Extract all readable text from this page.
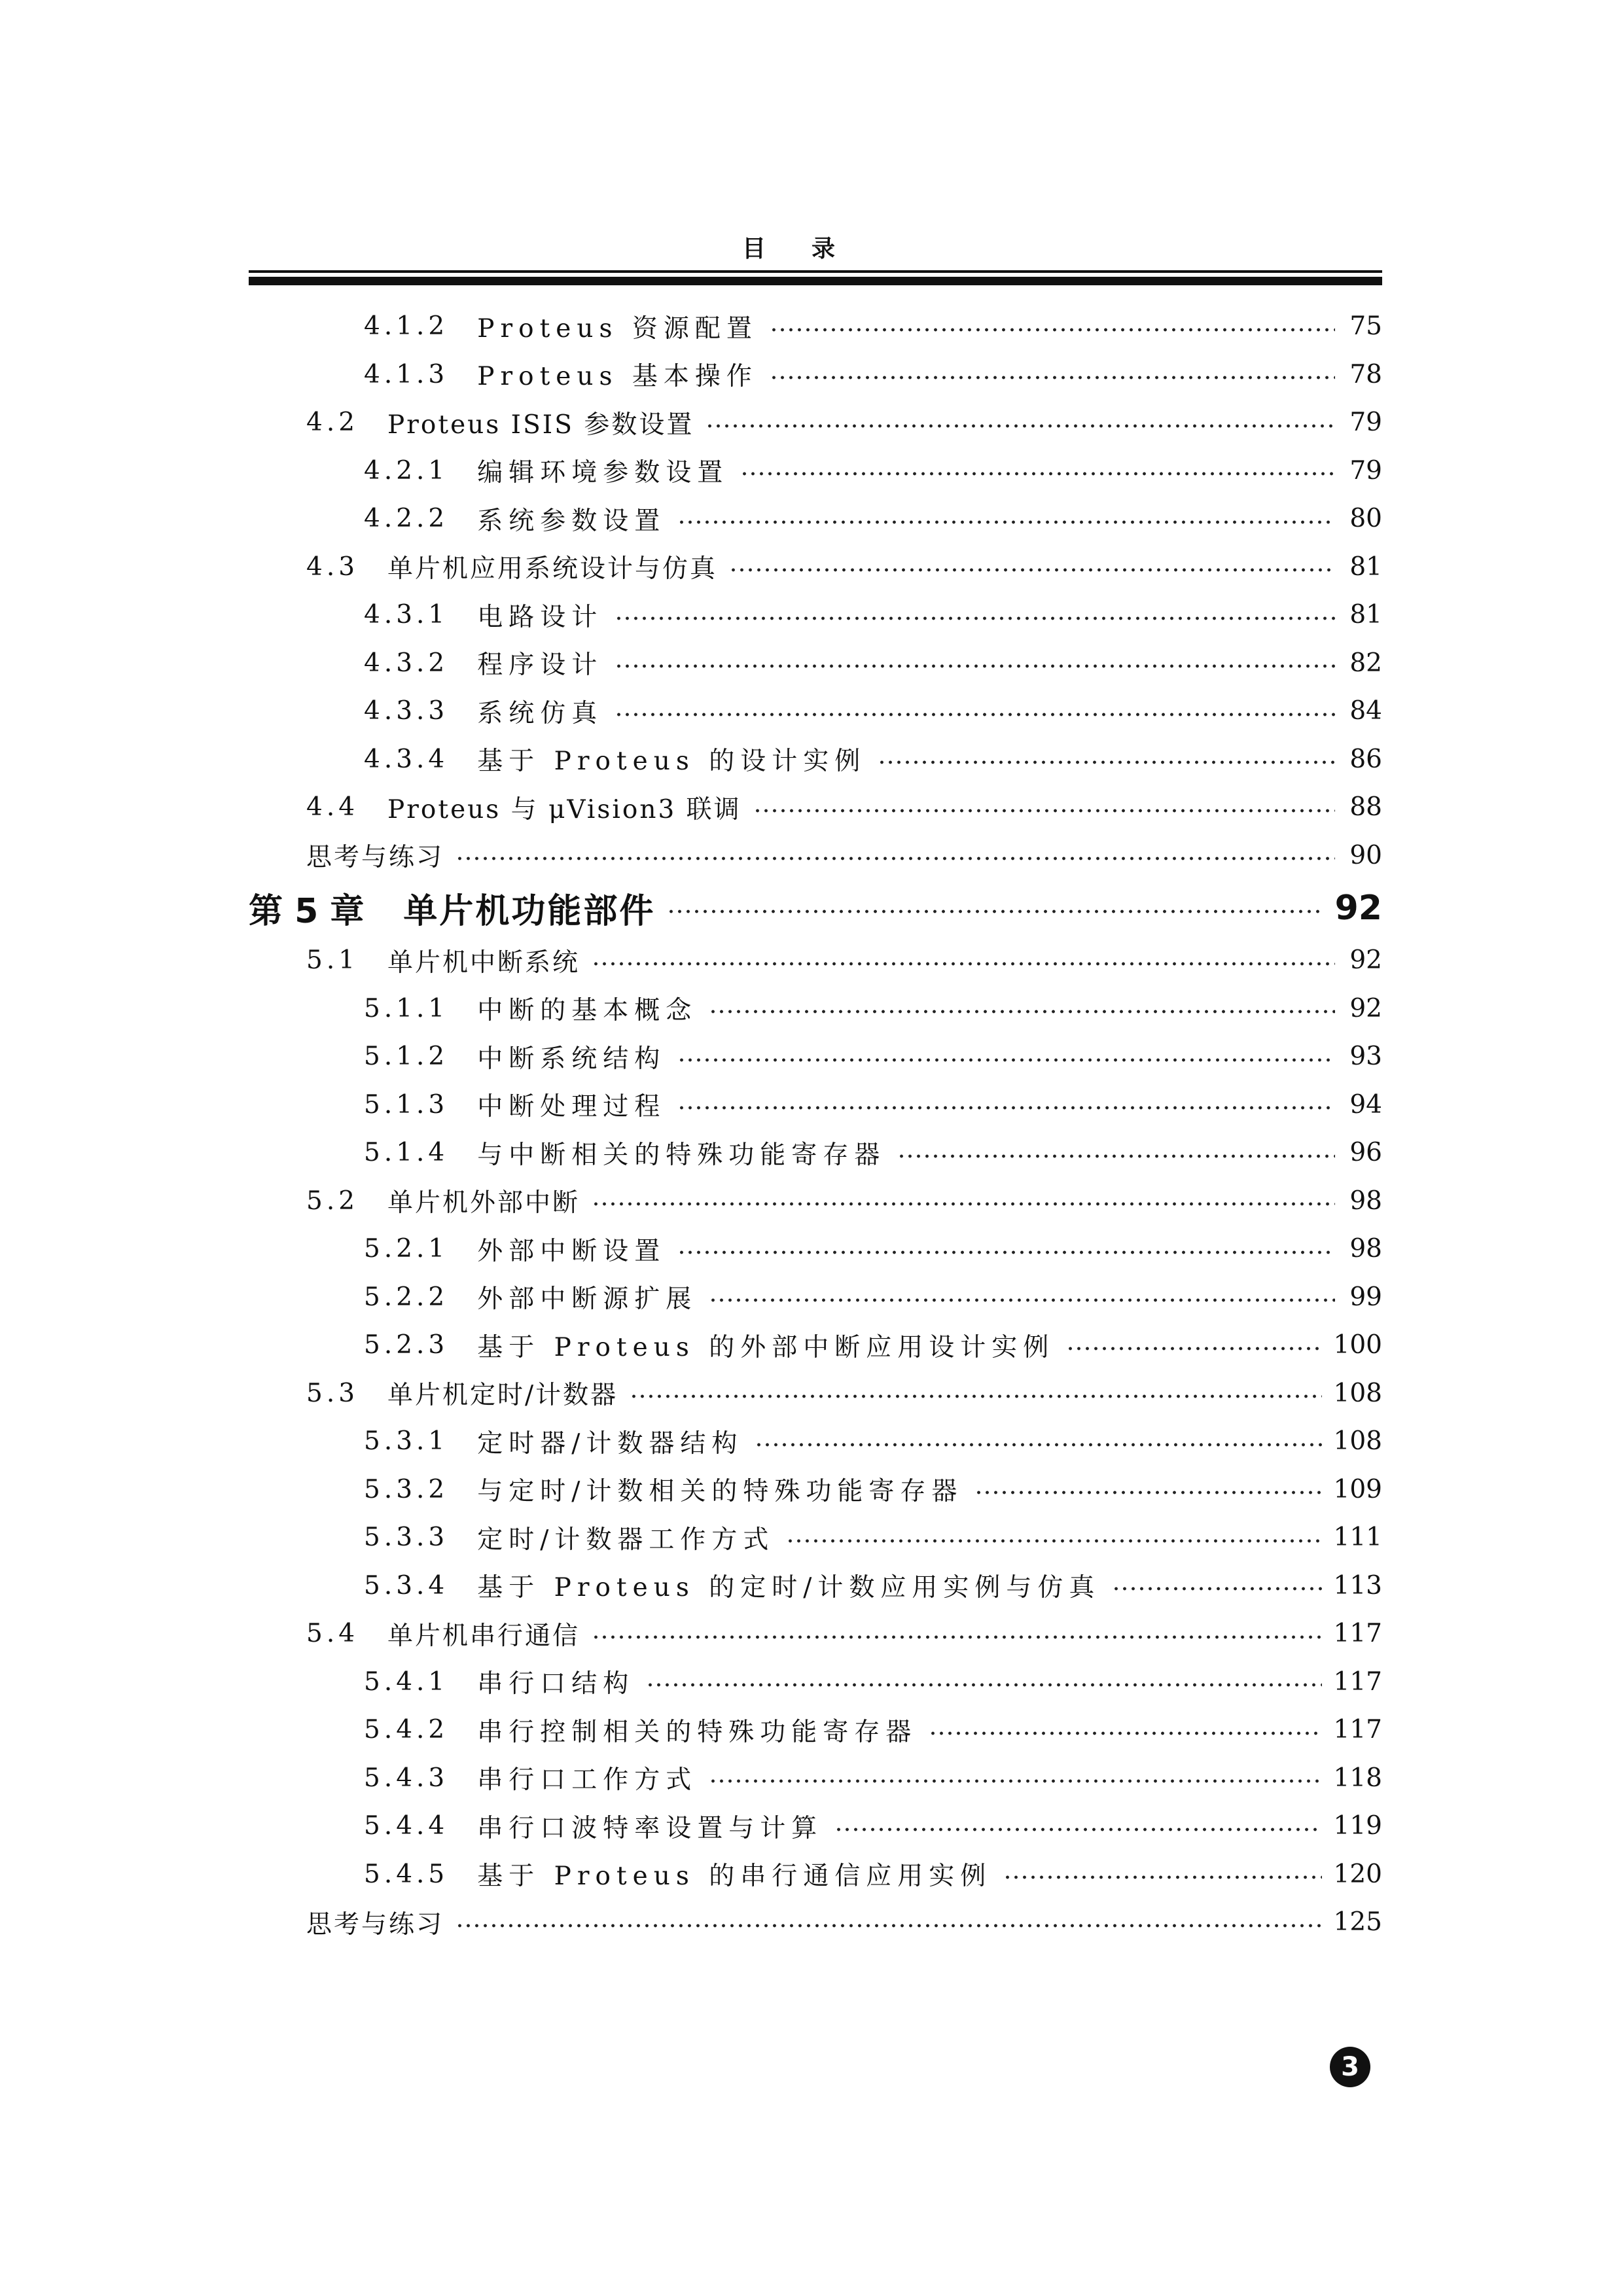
目录
4.1.2 Proteus 资源配置	75
4.1.3 Proteus 基本操作	78
4.2 Proteus ISIS 参数设置	79
4.2.1 编辑环境参数设置	79
4.2.2 系统参数设置	80
4.3 单片机应用系统设计与仿真	81
4.3.1 电路设计	81
4.3.2 程序设计	82
4.3.3 系统仿真	84
4.3.4 基于 Proteus 的设计实例	86
4.4 Proteus 与 μVision3 联调	88
思考与练习	90
第 5 章 单片机功能部件	92
5.1 单片机中断系统	92
5.1.1 中断的基本概念	92
5.1.2 中断系统结构	93
5.1.3 中断处理过程	94
5.1.4 与中断相关的特殊功能寄存器	96
5.2 单片机外部中断	98
5.2.1 外部中断设置	98
5.2.2 外部中断源扩展	99
5.2.3 基于 Proteus 的外部中断应用设计实例	100
5.3 单片机定时/计数器	108
5.3.1 定时器/计数器结构	108
5.3.2 与定时/计数相关的特殊功能寄存器	109
5.3.3 定时/计数器工作方式	111
5.3.4 基于 Proteus 的定时/计数应用实例与仿真	113
5.4 单片机串行通信	117
5.4.1 串行口结构	117
5.4.2 串行控制相关的特殊功能寄存器	117
5.4.3 串行口工作方式	118
5.4.4 串行口波特率设置与计算	119
5.4.5 基于 Proteus 的串行通信应用实例	120
思考与练习	125
3
